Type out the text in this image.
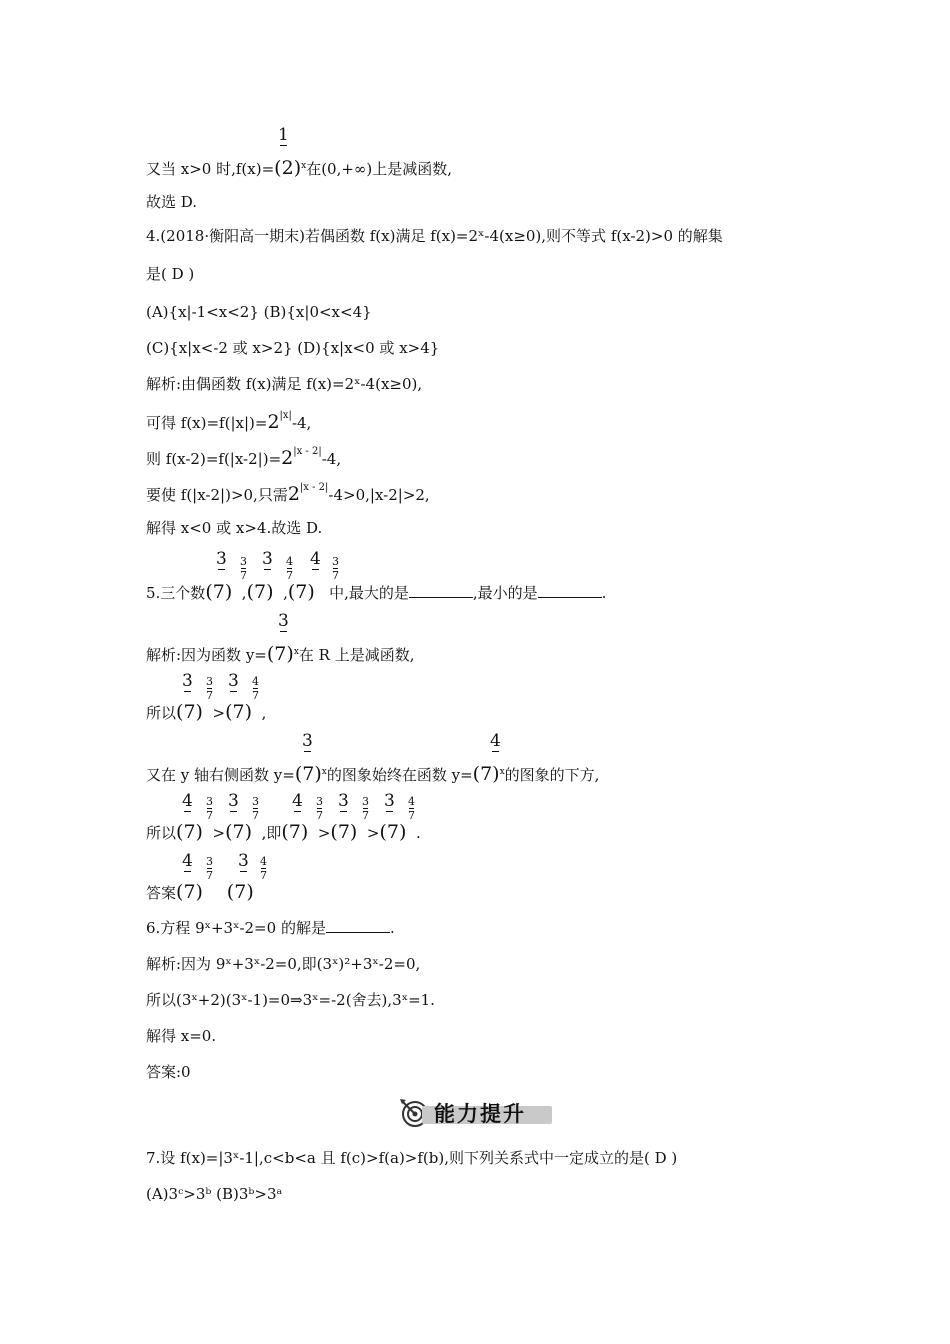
1
又当 x>0 时$,f(x)=(2)^x$在(0,+∞)上是减函数,
故选 D.
4.(2018·衡阳高一期末)若偶函数 f(x)满足 f(x)=2ˣ-4(x≥0),则不等式 f(x-2)>0 的解集
是( D )
(A){x|-1<x<2} (B){x|0<x<4}
(C){x|x<-2 或 x>2} (D){x|x<0 或 x>4}
解析:由偶函数 f(x)满足 f(x)=2ˣ-4(x≥0),
可得 $f(x)=f(|x|)=2^{|x|}-4$,
则 $f(x-2)=f(|x-2|)=2^{|x - 2|}-4$,
要使 f(|x-2|)>0,只需$2^{|x - 2|}-4>0,|x-2|>2$,
解得 x<0 或 x>4.故选 D.
3 3
7
3 4
7
4 3
7
5.三个数(7) ,(7) ,(7) 中,最大的是	,最小的是	.
3
解析:因为函数 $y=(7)^x$在 R 上是减函数,
3 3
7
3 4
7
所以(7) >(7) ,
3	4
又在 y 轴右侧函数 $y=(7)^x$的图象始终在函数 $y=(7)^x$的图象的下方,
4 3
7
3 3
7
4 3
7
3 3
7
3 4
7
所以(7) >(7) ,即(7) >(7) >(7) .
4 3
7
3 4
7
答案(7) (7)
6.方程 9ˣ+3ˣ-2=0 的解是	.
解析:因为 9ˣ+3ˣ-2=0,即(3ˣ)²+3ˣ-2=0,
所以(3ˣ+2)(3ˣ-1)=0⇒3ˣ=-2(舍去),3ˣ=1.
解得 x=0.
答案:0
能力提升
7.设 f(x)=|3ˣ-1|,c<b<a 且 f(c)>f(a)>f(b),则下列关系式中一定成立的是( D )
(A)3ᶜ>3ᵇ (B)3ᵇ>3ᵃ
